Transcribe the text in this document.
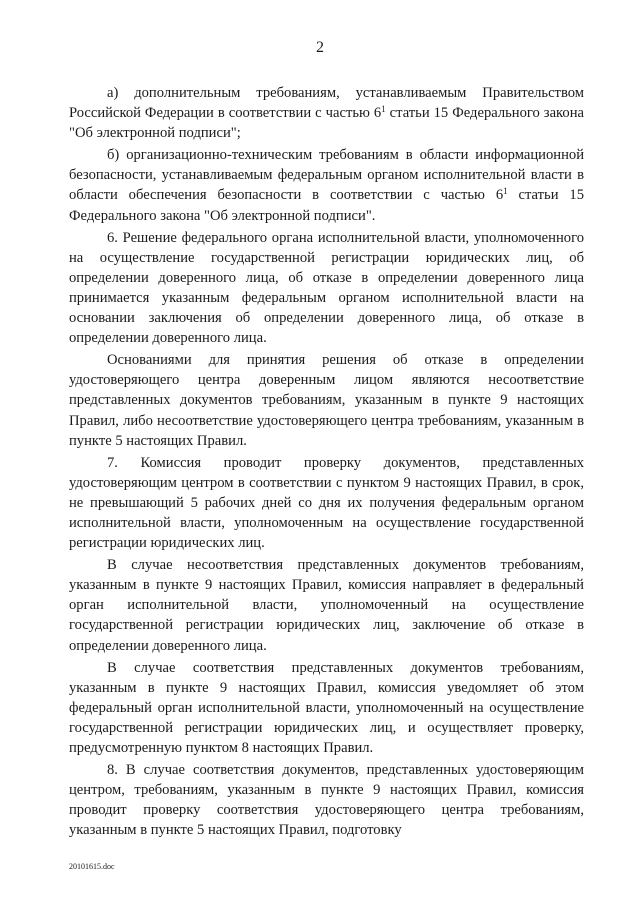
2

а) дополнительным требованиям, устанавливаемым Правительством Российской Федерации в соответствии с частью $6^1$ статьи 15 Федерального закона "Об электронной подписи";

б) организационно-техническим требованиям в области информационной безопасности, устанавливаемым федеральным органом исполнительной власти в области обеспечения безопасности в соответствии с частью $6^1$ статьи 15 Федерального закона "Об электронной подписи".

6. Решение федерального органа исполнительной власти, уполномоченного на осуществление государственной регистрации юридических лиц, об определении доверенного лица, об отказе в определении доверенного лица принимается указанным федеральным органом исполнительной власти на основании заключения об определении доверенного лица, об отказе в определении доверенного лица.

Основаниями для принятия решения об отказе в определении удостоверяющего центра доверенным лицом являются несоответствие представленных документов требованиям, указанным в пункте 9 настоящих Правил, либо несоответствие удостоверяющего центра требованиям, указанным в пункте 5 настоящих Правил.

7. Комиссия проводит проверку документов, представленных удостоверяющим центром в соответствии с пунктом 9 настоящих Правил, в срок, не превышающий 5 рабочих дней со дня их получения федеральным органом исполнительной власти, уполномоченным на осуществление государственной регистрации юридических лиц.

В случае несоответствия представленных документов требованиям, указанным в пункте 9 настоящих Правил, комиссия направляет в федеральный орган исполнительной власти, уполномоченный на осуществление государственной регистрации юридических лиц, заключение об отказе в определении доверенного лица.

В случае соответствия представленных документов требованиям, указанным в пункте 9 настоящих Правил, комиссия уведомляет об этом федеральный орган исполнительной власти, уполномоченный на осуществление государственной регистрации юридических лиц, и осуществляет проверку, предусмотренную пунктом 8 настоящих Правил.

8. В случае соответствия документов, представленных удостоверяющим центром, требованиям, указанным в пункте 9 настоящих Правил, комиссия проводит проверку соответствия удостоверяющего центра требованиям, указанным в пункте 5 настоящих Правил, подготовку

20101615.doc
